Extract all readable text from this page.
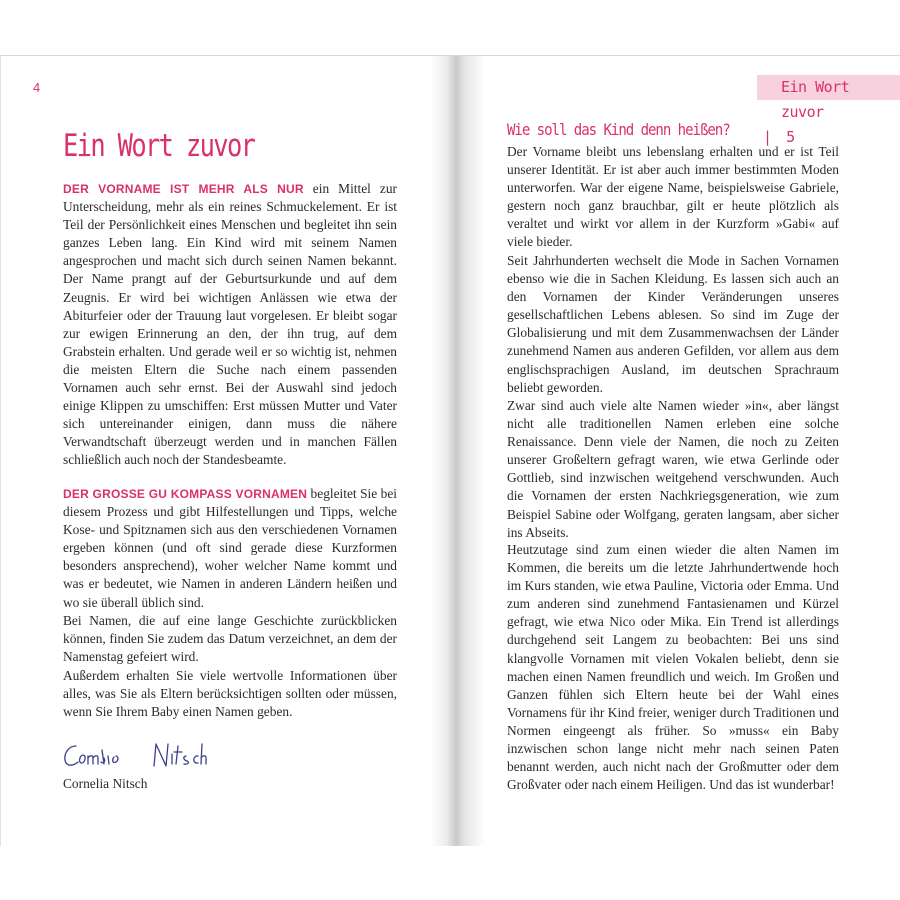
4	Ein Wort zuvor | 5
Ein Wort zuvor

DER VORNAME IST MEHR ALS NUR ein Mittel zur Unterscheidung, mehr als ein reines Schmuckelement. Er ist Teil der Persönlichkeit eines Menschen und begleitet ihn sein ganzes Leben lang. Ein Kind wird mit seinem Namen angesprochen und macht sich durch seinen Namen bekannt. Der Name prangt auf der Geburtsurkunde und auf dem Zeugnis. Er wird bei wichtigen Anlässen wie etwa der Abiturfeier oder der Trauung laut vorgelesen. Er bleibt sogar zur ewigen Erinnerung an den, der ihn trug, auf dem Grabstein erhalten. Und gerade weil er so wichtig ist, nehmen die meisten Eltern die Suche nach einem passenden Vornamen auch sehr ernst. Bei der Auswahl sind jedoch einige Klippen zu umschiffen: Erst müssen Mutter und Vater sich untereinander einigen, dann muss die nähere Verwandtschaft überzeugt werden und in manchen Fällen schließlich auch noch der Standesbeamte.

DER GROSSE GU KOMPASS VORNAMEN begleitet Sie bei diesem Prozess und gibt Hilfestellungen und Tipps, welche Kose- und Spitznamen sich aus den verschiedenen Vornamen ergeben können (und oft sind gerade diese Kurzformen besonders ansprechend), woher welcher Name kommt und was er bedeutet, wie Namen in anderen Ländern heißen und wo sie überall üblich sind.

Bei Namen, die auf eine lange Geschichte zurückblicken können, finden Sie zudem das Datum verzeichnet, an dem der Namenstag gefeiert wird.

Außerdem erhalten Sie viele wertvolle Informationen über alles, was Sie als Eltern berücksichtigen sollten oder müssen, wenn Sie Ihrem Baby einen Namen geben.

Cornelia Nitsch
Wie soll das Kind denn heißen?

Der Vorname bleibt uns lebenslang erhalten und er ist Teil unserer Identität. Er ist aber auch immer bestimmten Moden unterworfen. War der eigene Name, beispielsweise Gabriele, gestern noch ganz brauchbar, gilt er heute plötzlich als veraltet und wirkt vor allem in der Kurzform »Gabi« auf viele bieder.

Seit Jahrhunderten wechselt die Mode in Sachen Vornamen ebenso wie die in Sachen Kleidung. Es lassen sich auch an den Vornamen der Kinder Veränderungen unseres gesellschaftlichen Lebens ablesen. So sind im Zuge der Globalisierung und mit dem Zusammenwachsen der Länder zunehmend Namen aus anderen Gefilden, vor allem aus dem englischsprachigen Ausland, im deutschen Sprachraum beliebt geworden.

Zwar sind auch viele alte Namen wieder »in«, aber längst nicht alle traditionellen Namen erleben eine solche Renaissance. Denn viele der Namen, die noch zu Zeiten unserer Großeltern gefragt waren, wie etwa Gerlinde oder Gottlieb, sind inzwischen weitgehend verschwunden. Auch die Vornamen der ersten Nachkriegsgeneration, wie zum Beispiel Sabine oder Wolfgang, geraten langsam, aber sicher ins Abseits.

Heutzutage sind zum einen wieder die alten Namen im Kommen, die bereits um die letzte Jahrhundertwende hoch im Kurs standen, wie etwa Pauline, Victoria oder Emma. Und zum anderen sind zunehmend Fantasienamen und Kürzel gefragt, wie etwa Nico oder Mika. Ein Trend ist allerdings durchgehend seit Langem zu beobachten: Bei uns sind klangvolle Vornamen mit vielen Vokalen beliebt, denn sie machen einen Namen freundlich und weich. Im Großen und Ganzen fühlen sich Eltern heute bei der Wahl eines Vornamens für ihr Kind freier, weniger durch Traditionen und Normen eingeengt als früher. So »muss« ein Baby inzwischen schon lange nicht mehr nach seinen Paten benannt werden, auch nicht nach der Großmutter oder dem Großvater oder nach einem Heiligen. Und das ist wunderbar!
